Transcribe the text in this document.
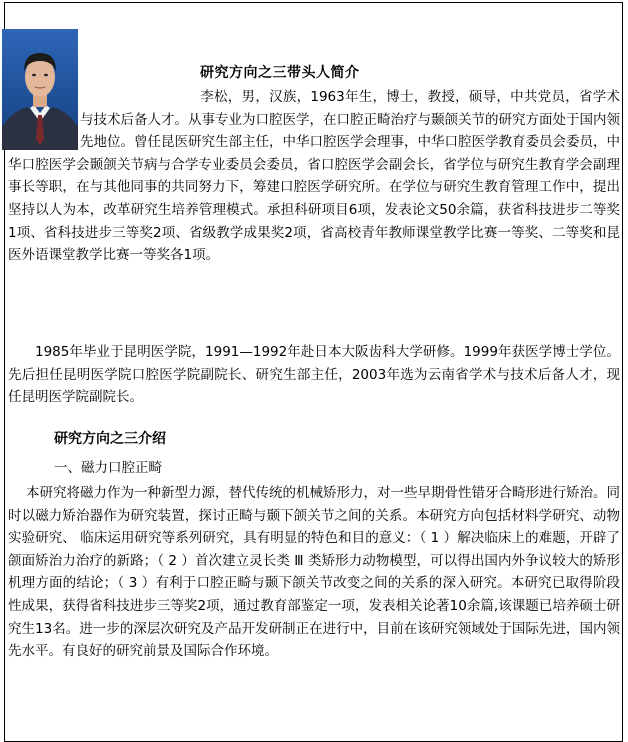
研究方向之三带头人简介

李松，男，汉族，1963年生，博士，教授，硕导，中共党员，省学术与技术后备人才。从事专业为口腔医学，在口腔正畸治疗与颞颌关节的研究方面处于国内领先地位。曾任昆医研究生部主任，中华口腔医学会理事，中华口腔医学教育委员会委员，中华口腔医学会颞颌关节病与合学专业委员会委员，省口腔医学会副会长，省学位与研究生教育学会副理事长等职，在与其他同事的共同努力下，筹建口腔医学研究所。在学位与研究生教育管理工作中，提出坚持以人为本，改革研究生培养管理模式。承担科研项目6项，发表论文50余篇，获省科技进步二等奖1项、省科技进步三等奖2项、省级教学成果奖2项，省高校青年教师课堂教学比赛一等奖、二等奖和昆医外语课堂教学比赛一等奖各1项。

1985年毕业于昆明医学院，1991—1992年赴日本大阪齿科大学研修。1999年获医学博士学位。先后担任昆明医学院口腔医学院副院长、研究生部主任，2003年选为云南省学术与技术后备人才，现任昆明医学院副院长。

研究方向之三介绍
一、磁力口腔正畸

本研究将磁力作为一种新型力源，替代传统的机械矫形力，对一些早期骨性错牙合畸形进行矫治。同时以磁力矫治器作为研究装置，探讨正畸与颞下颌关节之间的关系。本研究方向包括材料学研究、动物实验研究、 临床运用研究等系列研究，具有明显的特色和目的意义：（ 1 ）解决临床上的难题，开辟了颌面矫治力治疗的新路；（ 2 ）首次建立灵长类 Ⅲ 类矫形力动物模型，可以得出国内外争议较大的矫形机理方面的结论；（ 3 ）有利于口腔正畸与颞下颌关节改变之间的关系的深入研究。本研究已取得阶段性成果，获得省科技进步三等奖2项，通过教育部鉴定一项，发表相关论著10余篇,该课题已培养硕士研究生13名。进一步的深层次研究及产品开发研制正在进行中，目前在该研究领域处于国际先进，国内领先水平。有良好的研究前景及国际合作环境。
